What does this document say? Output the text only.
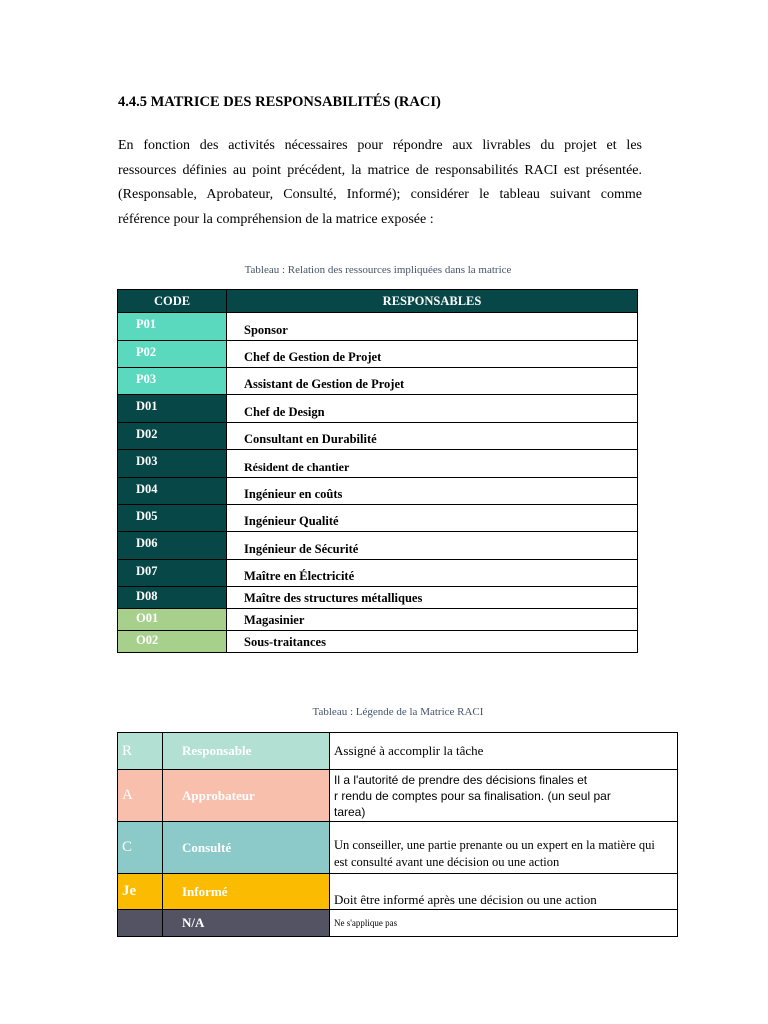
4.4.5 MATRICE DES RESPONSABILITÉS (RACI)
En fonction des activités nécessaires pour répondre aux livrables du projet et les
ressources définies au point précédent, la matrice de responsabilités RACI est présentée.
(Responsable, Aprobateur, Consulté, Informé); considérer le tableau suivant comme
référence pour la compréhension de la matrice exposée :

Tableau : Relation des ressources impliquées dans la matrice

CODE	RESPONSABLES
P01	Sponsor
P02	Chef de Gestion de Projet
P03	Assistant de Gestion de Projet
D01	Chef de Design
D02	Consultant en Durabilité
D03	Résident de chantier
D04	Ingénieur en coûts
D05	Ingénieur Qualité
D06	Ingénieur de Sécurité
D07	Maître en Électricité
D08	Maître des structures métalliques
O01	Magasinier
O02	Sous-traitances

Tableau : Légende de la Matrice RACI

R	Responsable	Assigné à accomplir la tâche
A	Approbateur	Il a l'autorité de prendre des décisions finales et
r rendu de comptes pour sa finalisation. (un seul par
tarea)

C	Consulté	Un conseiller, une partie prenante ou un expert en la matière qui
est consulté avant une décision ou une action

Je	Informé	Doit être informé après une décision ou une action
	N/A	Ne s'applique pas
